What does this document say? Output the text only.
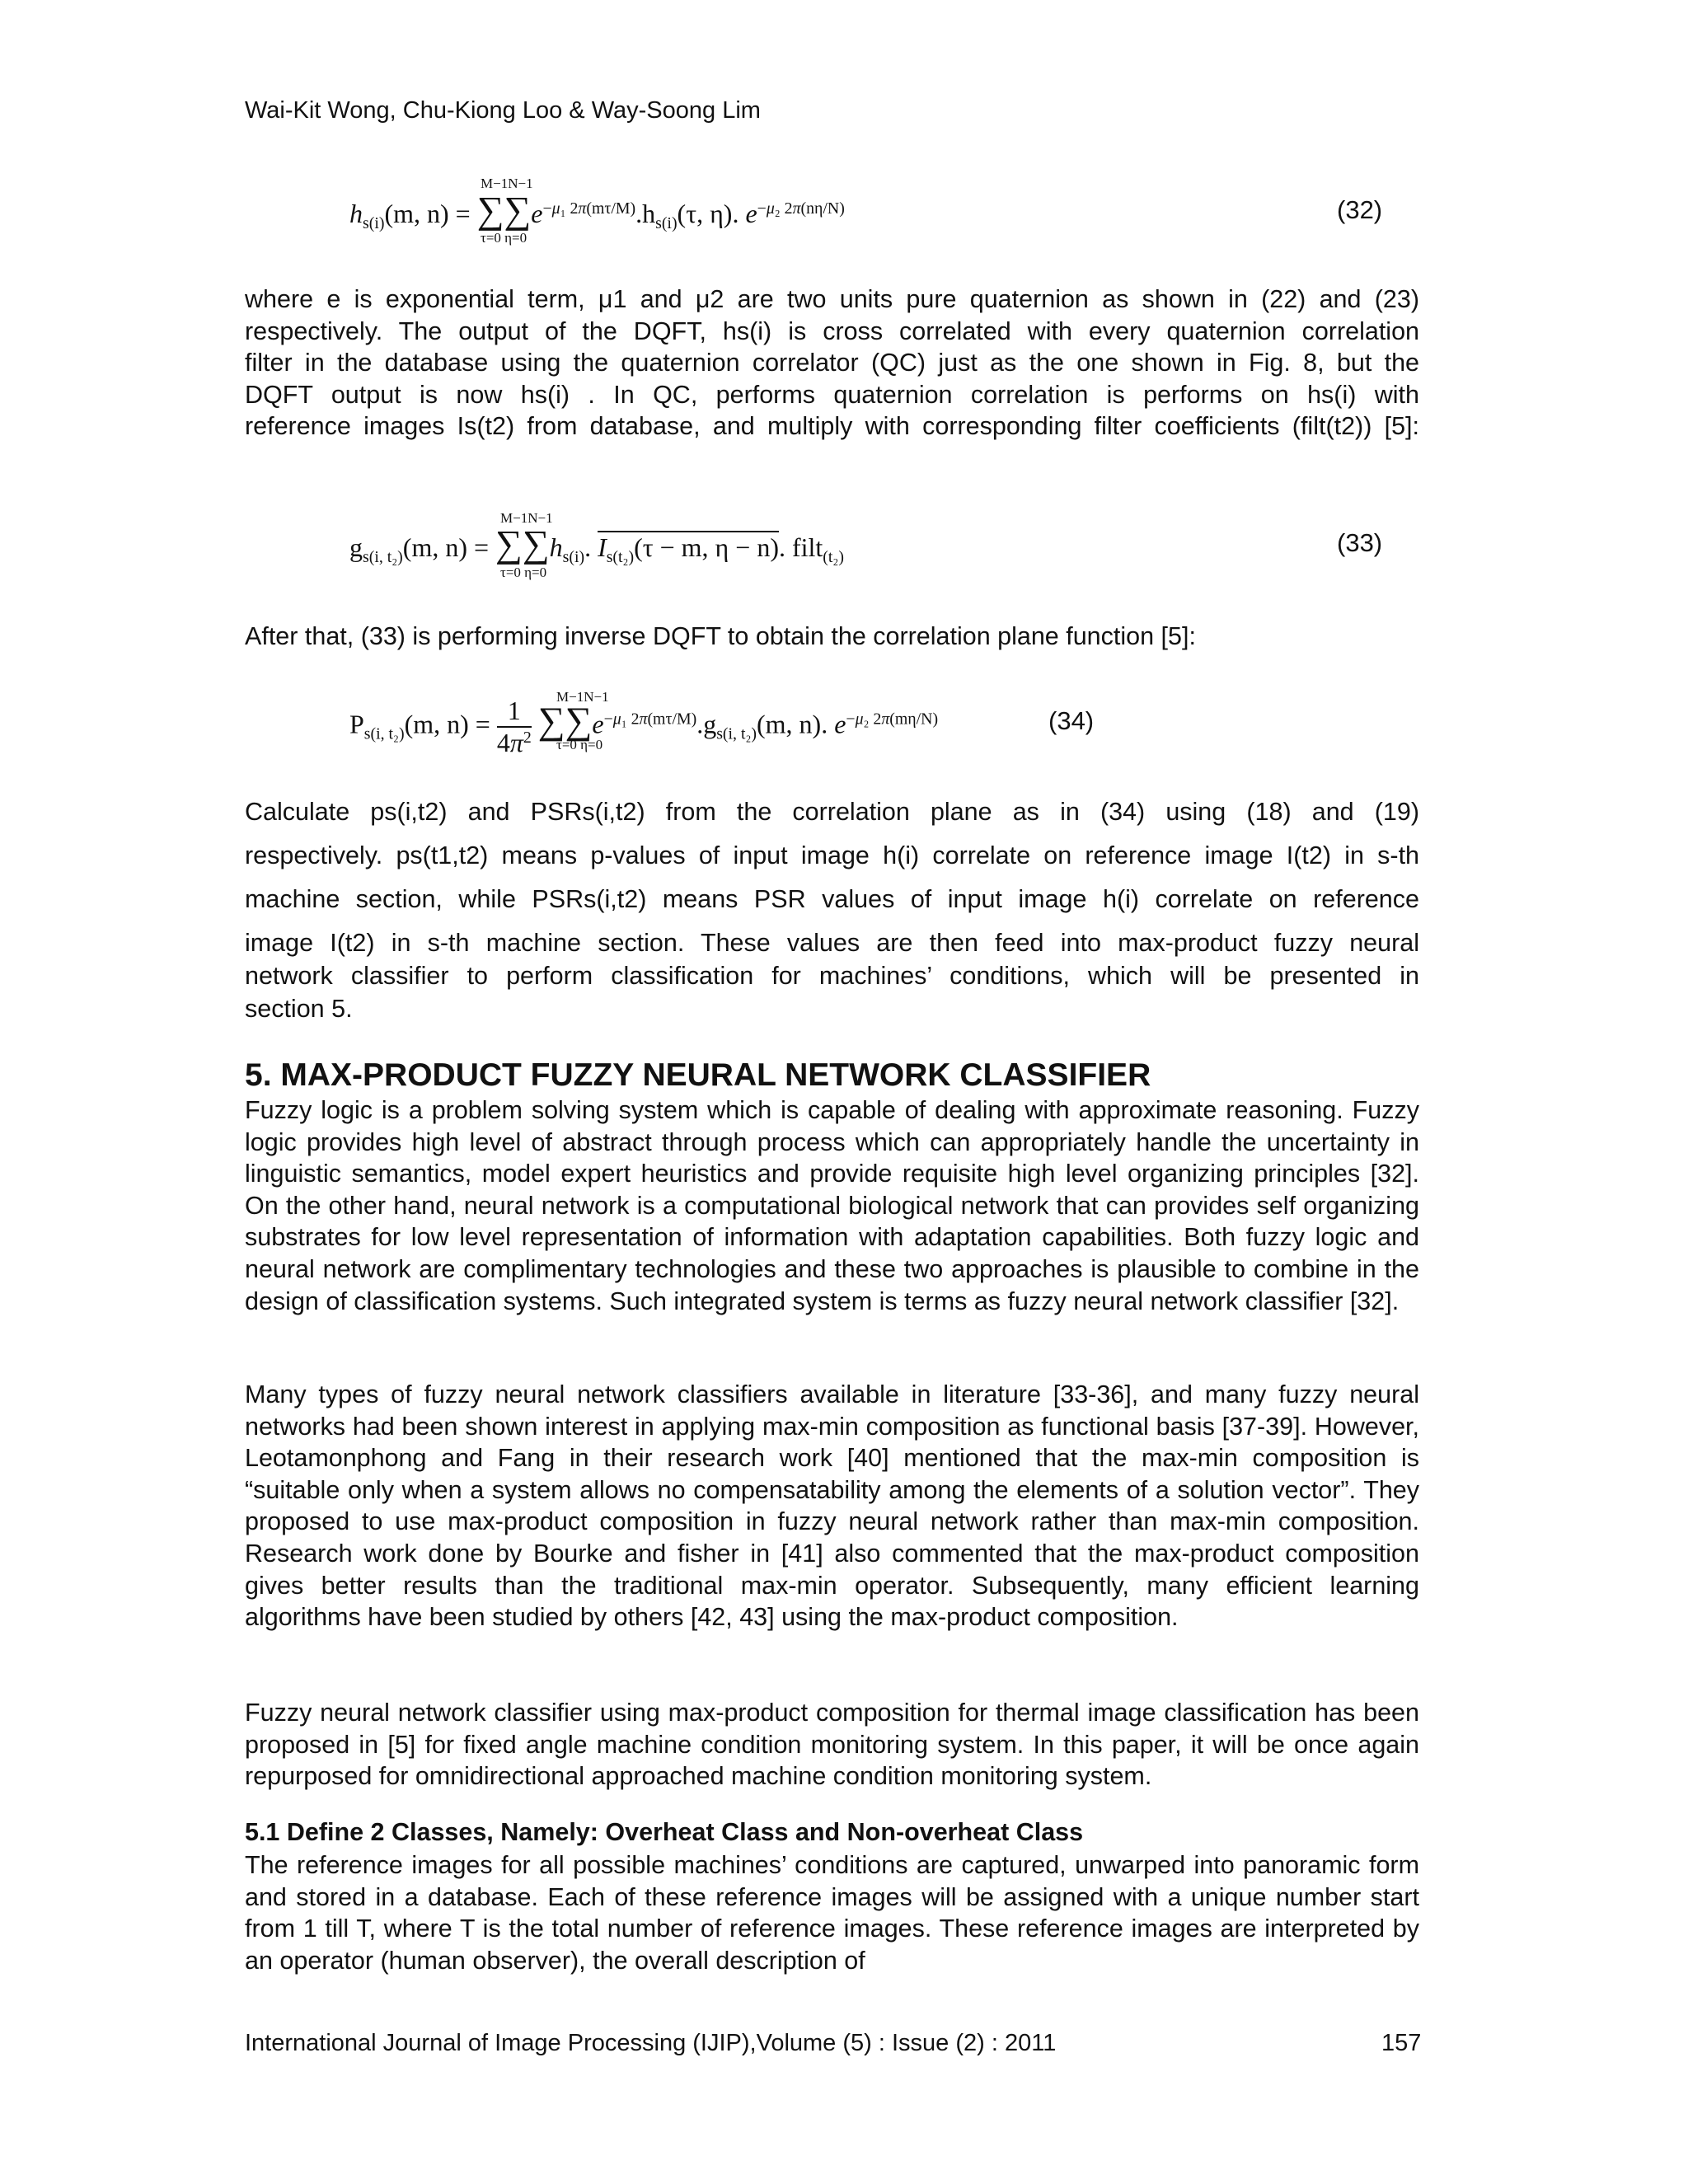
Wai-Kit Wong, Chu-Kiong Loo & Way-Soong Lim
M−1N−1
$h_{s(i)}(m$, $n) = \sum\sum e^{-\mu_1 2\pi(m\tau/M)}.h_{s(i)}(\tau$, η). $e^{-\mu_2 2\pi(n\eta/N)}$
τ=0 η=0
(32)
where e is exponential term, μ1 and μ2 are two units pure quaternion as shown in (22) and (23)
respectively. The output of the DQFT, hs(i) is cross correlated with every quaternion correlation
filter in the database using the quaternion correlator (QC) just as the one shown in Fig. 8, but the
DQFT output is now hs(i) . In QC, performs quaternion correlation is performs on hs(i) with
reference images Is(t2) from database, and multiply with corresponding filter coefficients (filt(t2)) [5]:
M−1N−1
$g_{s(i, t_2)}(m$, $n) = \sum\sum h_{s(i)}$. $I_{s(t_2)}(\tau - m$, η − n). filt$_{(t_2)}$
τ=0 η=0
(33)
After that, (33) is performing inverse DQFT to obtain the correlation plane function [5]:
M−1N−1
$P_{s(i, t_2)}(m$, $n) = \frac{1}{4\pi^2} \sum\sum e^{-\mu_1 2\pi(m\tau/M)}.g_{s(i, t_2)}(m$, n). $e^{-\mu_2 2\pi(m\eta/N)}$
τ=0 η=0
(34)
Calculate ps(i,t2) and PSRs(i,t2) from the correlation plane as in (34) using (18) and (19)
respectively. ps(t1,t2) means p-values of input image h(i) correlate on reference image I(t2) in s-th
machine section, while PSRs(i,t2) means PSR values of input image h(i) correlate on reference
image I(t2) in s-th machine section. These values are then feed into max-product fuzzy neural
network classifier to perform classification for machines’ conditions, which will be presented in
section 5.
5. MAX-PRODUCT FUZZY NEURAL NETWORK CLASSIFIER
Fuzzy logic is a problem solving system which is capable of dealing with approximate reasoning. Fuzzy logic provides high level of abstract through process which can appropriately handle the uncertainty in linguistic semantics, model expert heuristics and provide requisite high level organizing principles [32]. On the other hand, neural network is a computational biological network that can provides self organizing substrates for low level representation of information with adaptation capabilities. Both fuzzy logic and neural network are complimentary technologies and these two approaches is plausible to combine in the design of classification systems. Such integrated system is terms as fuzzy neural network classifier [32].
Many types of fuzzy neural network classifiers available in literature [33-36], and many fuzzy neural networks had been shown interest in applying max-min composition as functional basis [37-39]. However, Leotamonphong and Fang in their research work [40] mentioned that the max-min composition is “suitable only when a system allows no compensatability among the elements of a solution vector”. They proposed to use max-product composition in fuzzy neural network rather than max-min composition. Research work done by Bourke and fisher in [41] also commented that the max-product composition gives better results than the traditional max-min operator. Subsequently, many efficient learning algorithms have been studied by others [42, 43] using the max-product composition.
Fuzzy neural network classifier using max-product composition for thermal image classification has been proposed in [5] for fixed angle machine condition monitoring system. In this paper, it will be once again repurposed for omnidirectional approached machine condition monitoring system.
5.1 Define 2 Classes, Namely: Overheat Class and Non-overheat Class
The reference images for all possible machines’ conditions are captured, unwarped into panoramic form and stored in a database. Each of these reference images will be assigned with a unique number start from 1 till T, where T is the total number of reference images. These reference images are interpreted by an operator (human observer), the overall description of
International Journal of Image Processing (IJIP),Volume (5) : Issue (2) : 2011	157
